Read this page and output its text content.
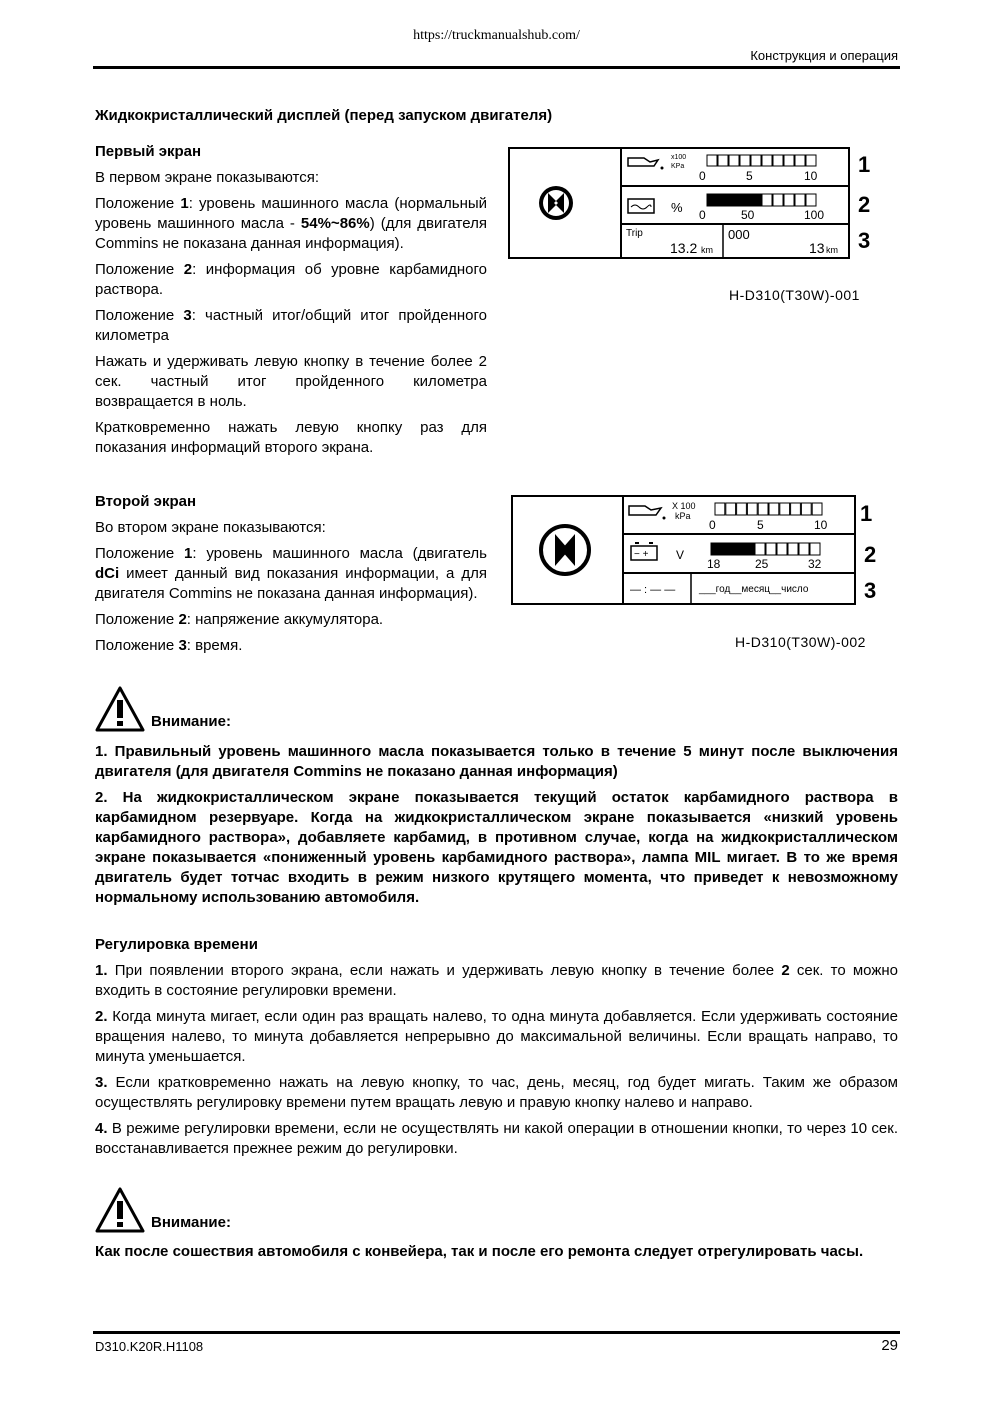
https://truckmanualshub.com/
Конструкция и операция
Жидкокристаллический дисплей (перед запуском двигателя)

Первый экран

В первом экране показываются:

Положение 1: уровень машинного масла (нормальный уровень машинного масла - 54%~86%) (для двигателя Commins не показана данная информация).

Положение 2: информация об уровне карбамидного раствора.

Положение 3: частный итог/общий итог пройденного километра

Нажать и удерживать левую кнопку в течение более 2 сек. частный итог пройденного километра возвращается в ноль.

Кратковременно нажать левую кнопку раз для показания информаций второго экрана.

x100
KPa
0	5	10
% 0	50	100
Trip
13.2 km
000
13 km
1
2
3
H-D310(T30W)-001

Второй экран

Во втором экране показываются:

Положение 1: уровень машинного масла (двигатель dCi имеет данный вид показания информации, а для двигателя Commins не показана данная информация).

Положение 2: напряжение аккумулятора.

Положение 3: время.

X 100
kPa
0	5	10
− + V
18	25	32
— : — — ___год__месяц__число
1
2
3
H-D310(T30W)-002
Внимание:

1. Правильный уровень машинного масла показывается только в течение 5 минут после выключения двигателя (для двигателя Commins не показано данная информация)

2. На жидкокристаллическом экране показывается текущий остаток карбамидного раствора в карбамидном резервуаре. Когда на жидкокристаллическом экране показывается «низкий уровень карбамидного раствора», добавляете карбамид, в противном случае, когда на жидкокристаллическом экране показывается «пониженный уровень карбамидного раствора», лампа MIL мигает. В то же время двигатель будет тотчас входить в режим низкого крутящего момента, что приведет к невозможному нормальному использованию автомобиля.

Регулировка времени

1. При появлении второго экрана, если нажать и удерживать левую кнопку в течение более 2 сек. то можно входить в состояние регулировки времени.

2. Когда минута мигает, если один раз вращать налево, то одна минута добавляется. Если удерживать состояние вращения налево, то минута добавляется непрерывно до максимальной величины. Если вращать направо, то минута уменьшается.

3. Если кратковременно нажать на левую кнопку, то час, день, месяц, год будет мигать. Таким же образом осуществлять регулировку времени путем вращать левую и правую кнопку налево и направо.

4. В режиме регулировки времени, если не осуществлять ни какой операции в отношении кнопки, то через 10 сек. восстанавливается прежнее режим до регулировки.

Внимание:

Как после сошествия автомобиля с конвейера, так и после его ремонта следует отрегулировать часы.

D310.K20R.H1108	29
